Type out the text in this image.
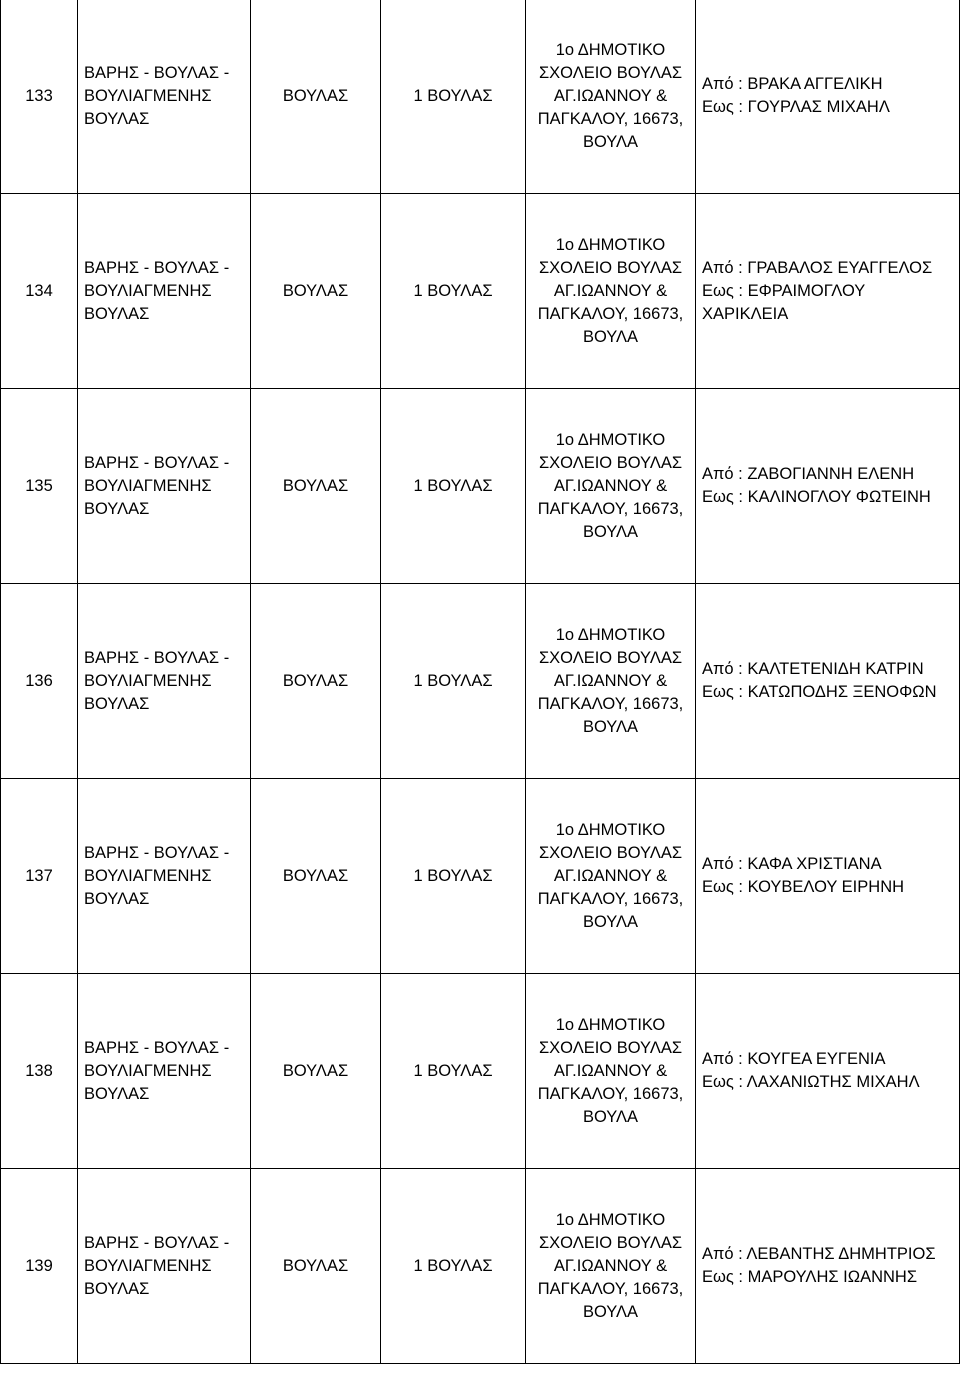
133	ΒΑΡΗΣ - ΒΟΥΛΑΣ -
ΒΟΥΛΙΑΓΜΕΝΗΣ
ΒΟΥΛΑΣ	ΒΟΥΛΑΣ	1 ΒΟΥΛΑΣ	1ο ΔΗΜΟΤΙΚΟ
ΣΧΟΛΕΙΟ ΒΟΥΛΑΣ
ΑΓ.ΙΩΑΝΝΟΥ &
ΠΑΓΚΑΛΟΥ, 16673,
ΒΟΥΛΑ	Από : ΒΡΑΚΑ ΑΓΓΕΛΙΚΗ
Εως : ΓΟΥΡΛΑΣ ΜΙΧΑΗΛ

134	ΒΑΡΗΣ - ΒΟΥΛΑΣ -
ΒΟΥΛΙΑΓΜΕΝΗΣ
ΒΟΥΛΑΣ	ΒΟΥΛΑΣ	1 ΒΟΥΛΑΣ	1ο ΔΗΜΟΤΙΚΟ
ΣΧΟΛΕΙΟ ΒΟΥΛΑΣ
ΑΓ.ΙΩΑΝΝΟΥ &
ΠΑΓΚΑΛΟΥ, 16673,
ΒΟΥΛΑ	Από : ΓΡΑΒΑΛΟΣ ΕΥΑΓΓΕΛΟΣ
Εως : ΕΦΡΑΙΜΟΓΛΟΥ
ΧΑΡΙΚΛΕΙΑ

135	ΒΑΡΗΣ - ΒΟΥΛΑΣ -
ΒΟΥΛΙΑΓΜΕΝΗΣ
ΒΟΥΛΑΣ	ΒΟΥΛΑΣ	1 ΒΟΥΛΑΣ	1ο ΔΗΜΟΤΙΚΟ
ΣΧΟΛΕΙΟ ΒΟΥΛΑΣ
ΑΓ.ΙΩΑΝΝΟΥ &
ΠΑΓΚΑΛΟΥ, 16673,
ΒΟΥΛΑ	Από : ΖΑΒΟΓΙΑΝΝΗ ΕΛΕΝΗ
Εως : ΚΑΛΙΝΟΓΛΟΥ ΦΩΤΕΙΝΗ

136	ΒΑΡΗΣ - ΒΟΥΛΑΣ -
ΒΟΥΛΙΑΓΜΕΝΗΣ
ΒΟΥΛΑΣ	ΒΟΥΛΑΣ	1 ΒΟΥΛΑΣ	1ο ΔΗΜΟΤΙΚΟ
ΣΧΟΛΕΙΟ ΒΟΥΛΑΣ
ΑΓ.ΙΩΑΝΝΟΥ &
ΠΑΓΚΑΛΟΥ, 16673,
ΒΟΥΛΑ	Από : ΚΑΛΤΕΤΕΝΙΔΗ ΚΑΤΡΙΝ
Εως : ΚΑΤΩΠΟΔΗΣ ΞΕΝΟΦΩΝ

137	ΒΑΡΗΣ - ΒΟΥΛΑΣ -
ΒΟΥΛΙΑΓΜΕΝΗΣ
ΒΟΥΛΑΣ	ΒΟΥΛΑΣ	1 ΒΟΥΛΑΣ	1ο ΔΗΜΟΤΙΚΟ
ΣΧΟΛΕΙΟ ΒΟΥΛΑΣ
ΑΓ.ΙΩΑΝΝΟΥ &
ΠΑΓΚΑΛΟΥ, 16673,
ΒΟΥΛΑ	Από : ΚΑΦΑ ΧΡΙΣΤΙΑΝΑ
Εως : ΚΟΥΒΕΛΟΥ ΕΙΡΗΝΗ

138	ΒΑΡΗΣ - ΒΟΥΛΑΣ -
ΒΟΥΛΙΑΓΜΕΝΗΣ
ΒΟΥΛΑΣ	ΒΟΥΛΑΣ	1 ΒΟΥΛΑΣ	1ο ΔΗΜΟΤΙΚΟ
ΣΧΟΛΕΙΟ ΒΟΥΛΑΣ
ΑΓ.ΙΩΑΝΝΟΥ &
ΠΑΓΚΑΛΟΥ, 16673,
ΒΟΥΛΑ	Από : ΚΟΥΓΕΑ ΕΥΓΕΝΙΑ
Εως : ΛΑΧΑΝΙΩΤΗΣ ΜΙΧΑΗΛ

139	ΒΑΡΗΣ - ΒΟΥΛΑΣ -
ΒΟΥΛΙΑΓΜΕΝΗΣ
ΒΟΥΛΑΣ	ΒΟΥΛΑΣ	1 ΒΟΥΛΑΣ	1ο ΔΗΜΟΤΙΚΟ
ΣΧΟΛΕΙΟ ΒΟΥΛΑΣ
ΑΓ.ΙΩΑΝΝΟΥ &
ΠΑΓΚΑΛΟΥ, 16673,
ΒΟΥΛΑ	Από : ΛΕΒΑΝΤΗΣ ΔΗΜΗΤΡΙΟΣ
Εως : ΜΑΡΟΥΛΗΣ ΙΩΑΝΝΗΣ
